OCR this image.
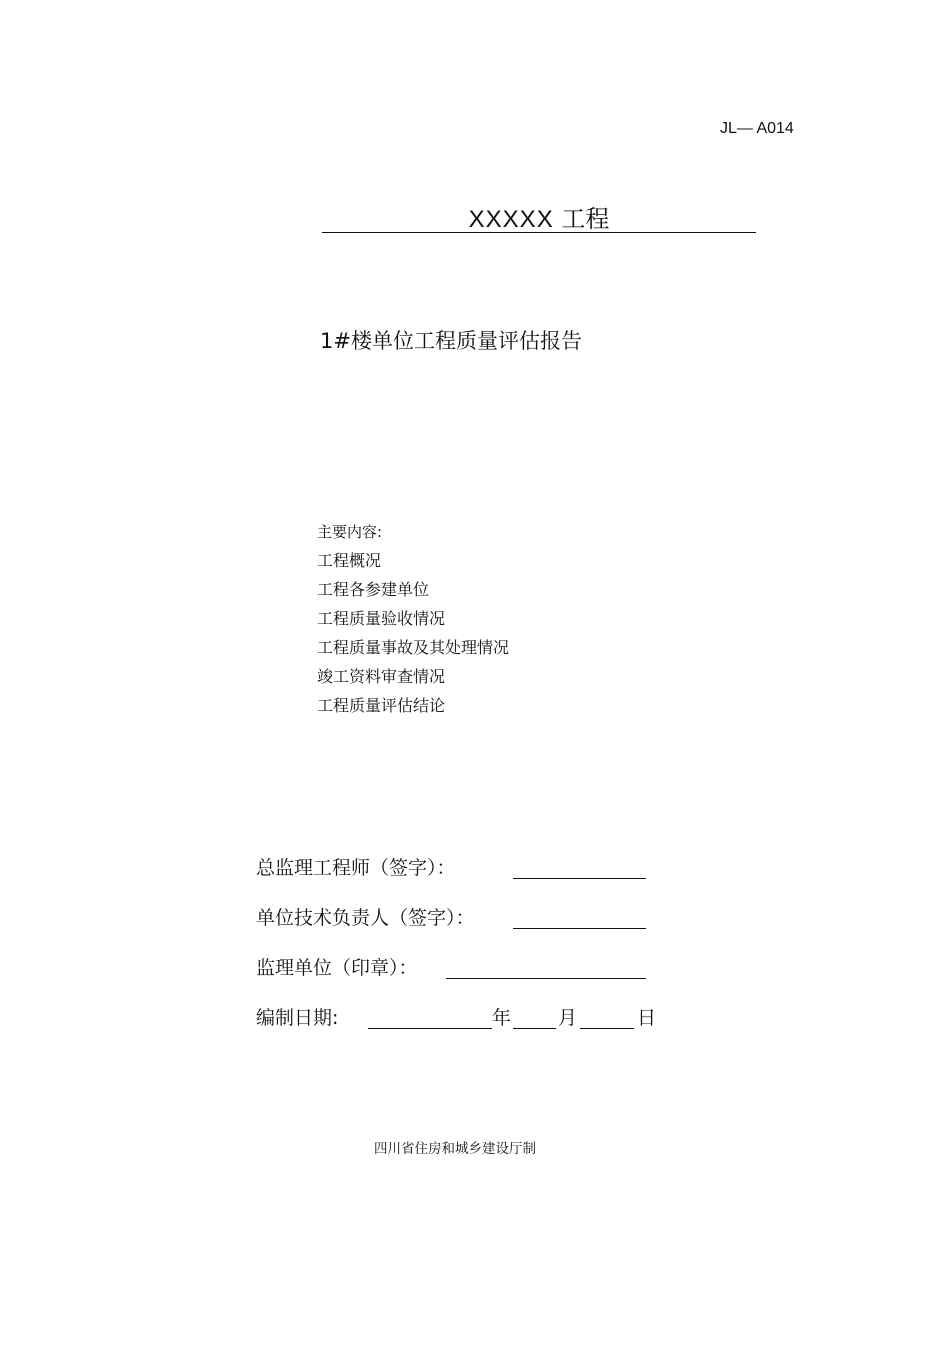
JL— A014
XXXXX 工程
1#楼单位工程质量评估报告
主要内容:
工程概况
工程各参建单位
工程质量验收情况
工程质量事故及其处理情况
竣工资料审查情况
工程质量评估结论
总监理工程师（签字）：
单位技术负责人（签字）：
监理单位（印章）：
编制日期:	年 月	日
四川省住房和城乡建设厅制
